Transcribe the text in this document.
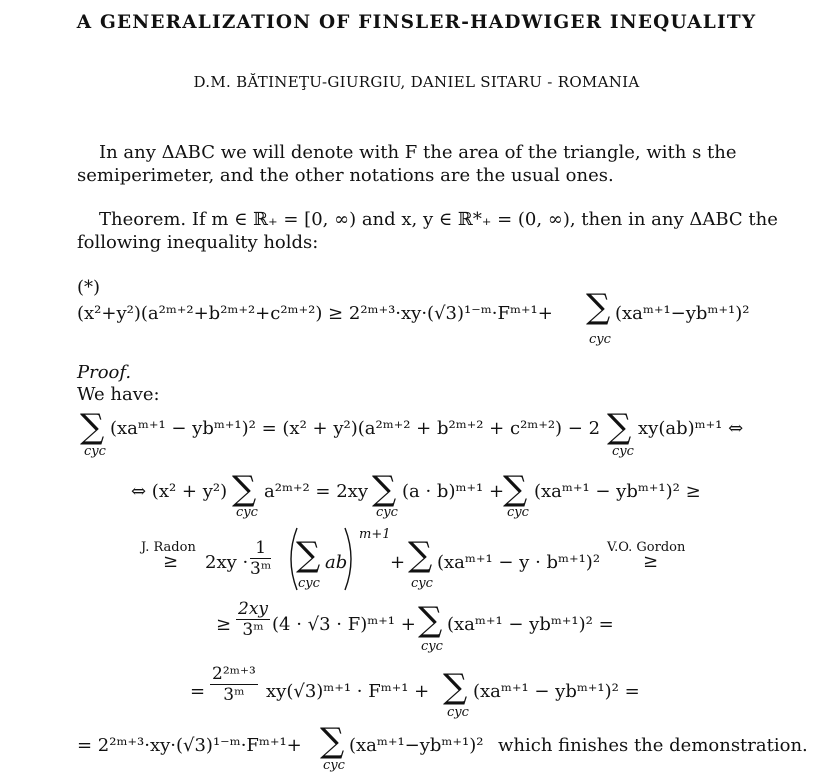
A GENERALIZATION OF FINSLER-HADWIGER INEQUALITY
D.M. BĂTINEŢU-GIURGIU, DANIEL SITARU - ROMANIA
In any ΔABC we will denote with F the area of the triangle, with s the
semiperimeter, and the other notations are the usual ones.
Theorem. If m ∈ ℝ₊ = [0, ∞) and x, y ∈ ℝ*₊ = (0, ∞), then in any ΔABC the
following inequality holds:
(*)
(x²+y²)(a²ᵐ⁺²+b²ᵐ⁺²+c²ᵐ⁺²) ≥ 2²ᵐ⁺³·xy·(√3)¹⁻ᵐ·Fᵐ⁺¹+ ∑
cyc
(xaᵐ⁺¹−ybᵐ⁺¹)²
Proof.
We have:
∑
cyc
(xaᵐ⁺¹ − ybᵐ⁺¹)² = (x² + y²)(a²ᵐ⁺² + b²ᵐ⁺² + c²ᵐ⁺²) − 2 ∑
cyc
xy(ab)ᵐ⁺¹ ⇔
⇔ (x² + y²) ∑
cyc
a²ᵐ⁺² = 2xy ∑
cyc
(a · b)ᵐ⁺¹ +
∑
cyc
(xaᵐ⁺¹ − ybᵐ⁺¹)² ≥
J. Radon
≥ $2xy \cdot \frac{1}{\text{3ᵐ}}$ ∑
cyc
ab
m+1
+ ∑
cyc
(xaᵐ⁺¹ − y · bᵐ⁺¹)²
V.O. Gordon
≥
≥ $\frac{2xy}{\text{3ᵐ}} (4 \cdot √3$ · F)ᵐ⁺¹ + ∑
cyc
(xaᵐ⁺¹ − ybᵐ⁺¹)² =
= $\frac{\text{2²ᵐ⁺³}}{\text{3ᵐ}}$ xy(√3)ᵐ⁺¹ · Fᵐ⁺¹ + ∑
cyc
(xaᵐ⁺¹ − ybᵐ⁺¹)² =
= 2²ᵐ⁺³·xy·(√3)¹⁻ᵐ·Fᵐ⁺¹+ ∑
cyc
(xaᵐ⁺¹−ybᵐ⁺¹)² which finishes the demonstration.
